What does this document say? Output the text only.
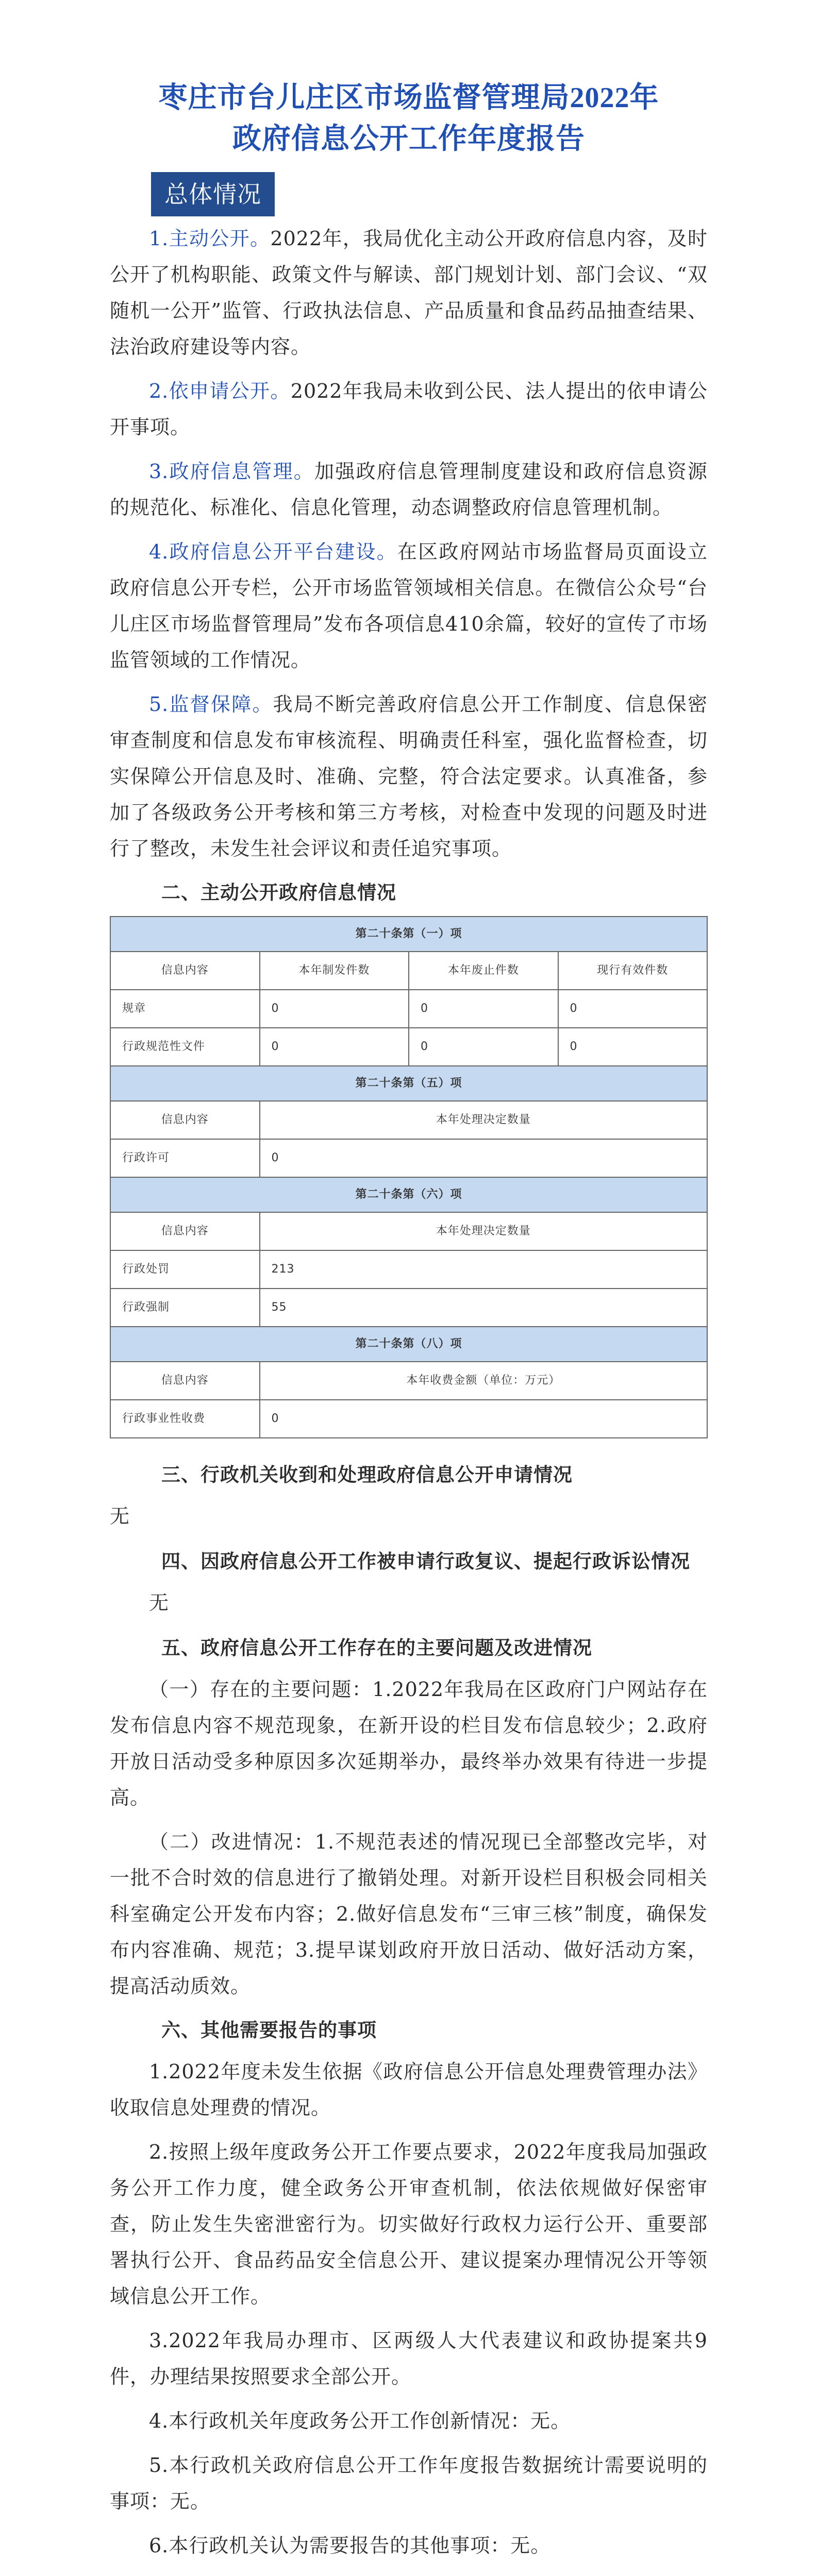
枣庄市台儿庄区市场监督管理局2022年
政府信息公开工作年度报告
总体情况

1.主动公开。2022年，我局优化主动公开政府信息内容，及时公开了机构职能、政策文件与解读、部门规划计划、部门会议、“双随机一公开”监管、行政执法信息、产品质量和食品药品抽查结果、法治政府建设等内容。

2.依申请公开。2022年我局未收到公民、法人提出的依申请公开事项。

3.政府信息管理。加强政府信息管理制度建设和政府信息资源的规范化、标准化、信息化管理，动态调整政府信息管理机制。

4.政府信息公开平台建设。在区政府网站市场监督局页面设立政府信息公开专栏，公开市场监管领域相关信息。在微信公众号“台儿庄区市场监督管理局”发布各项信息410余篇，较好的宣传了市场监管领域的工作情况。

5.监督保障。我局不断完善政府信息公开工作制度、信息保密审查制度和信息发布审核流程、明确责任科室，强化监督检查，切实保障公开信息及时、准确、完整，符合法定要求。认真准备，参加了各级政务公开考核和第三方考核，对检查中发现的问题及时进行了整改，未发生社会评议和责任追究事项。

二、主动公开政府信息情况
第二十条第（一）项			
信息内容	本年制发件数	本年废止件数	现行有效件数
规章	0	0	0
行政规范性文件	0	0	0
第二十条第（五）项			
信息内容	本年处理决定数量		
行政许可	0		
第二十条第（六）项			
信息内容	本年处理决定数量		
行政处罚	213		
行政强制	55		
第二十条第（八）项			
信息内容	本年收费金额（单位：万元）		
行政事业性收费	0		
三、行政机关收到和处理政府信息公开申请情况

无

四、因政府信息公开工作被申请行政复议、提起行政诉讼情况

无

五、政府信息公开工作存在的主要问题及改进情况

（一）存在的主要问题：1.2022年我局在区政府门户网站存在发布信息内容不规范现象，在新开设的栏目发布信息较少；2.政府开放日活动受多种原因多次延期举办，最终举办效果有待进一步提高。

（二）改进情况：1.不规范表述的情况现已全部整改完毕，对一批不合时效的信息进行了撤销处理。对新开设栏目积极会同相关科室确定公开发布内容；2.做好信息发布“三审三核”制度，确保发布内容准确、规范；3.提早谋划政府开放日活动、做好活动方案，提高活动质效。

六、其他需要报告的事项

1.2022年度未发生依据《政府信息公开信息处理费管理办法》收取信息处理费的情况。

2.按照上级年度政务公开工作要点要求，2022年度我局加强政务公开工作力度，健全政务公开审查机制，依法依规做好保密审查，防止发生失密泄密行为。切实做好行政权力运行公开、重要部署执行公开、食品药品安全信息公开、建议提案办理情况公开等领域信息公开工作。

3.2022年我局办理市、区两级人大代表建议和政协提案共9件，办理结果按照要求全部公开。

4.本行政机关年度政务公开工作创新情况：无。

5.本行政机关政府信息公开工作年度报告数据统计需要说明的事项：无。

6.本行政机关认为需要报告的其他事项：无。
